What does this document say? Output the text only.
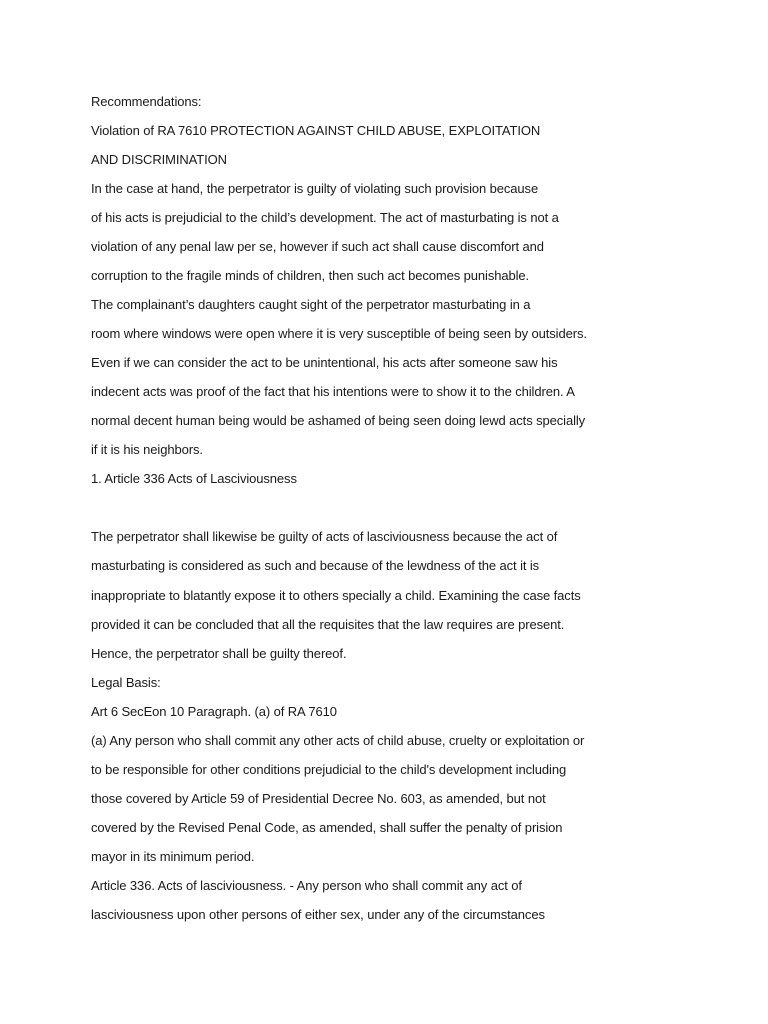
Recommendations:
Violation of RA 7610 PROTECTION AGAINST CHILD ABUSE, EXPLOITATION
AND DISCRIMINATION
In the case at hand, the perpetrator is guilty of violating such provision because
of his acts is prejudicial to the child’s development. The act of masturbating is not a
violation of any penal law per se, however if such act shall cause discomfort and
corruption to the fragile minds of children, then such act becomes punishable.
The complainant’s daughters caught sight of the perpetrator masturbating in a
room where windows were open where it is very susceptible of being seen by outsiders.
Even if we can consider the act to be unintentional, his acts after someone saw his
indecent acts was proof of the fact that his intentions were to show it to the children. A
normal decent human being would be ashamed of being seen doing lewd acts specially
if it is his neighbors.
1. Article 336 Acts of Lasciviousness
The perpetrator shall likewise be guilty of acts of lasciviousness because the act of
masturbating is considered as such and because of the lewdness of the act it is
inappropriate to blatantly expose it to others specially a child. Examining the case facts
provided it can be concluded that all the requisites that the law requires are present.
Hence, the perpetrator shall be guilty thereof.
Legal Basis:
Art 6 SecEon 10 Paragraph. (a) of RA 7610
(a) Any person who shall commit any other acts of child abuse, cruelty or exploitation or
to be responsible for other conditions prejudicial to the child's development including
those covered by Article 59 of Presidential Decree No. 603, as amended, but not
covered by the Revised Penal Code, as amended, shall suffer the penalty of prision
mayor in its minimum period.
Article 336. Acts of lasciviousness. - Any person who shall commit any act of
lasciviousness upon other persons of either sex, under any of the circumstances
